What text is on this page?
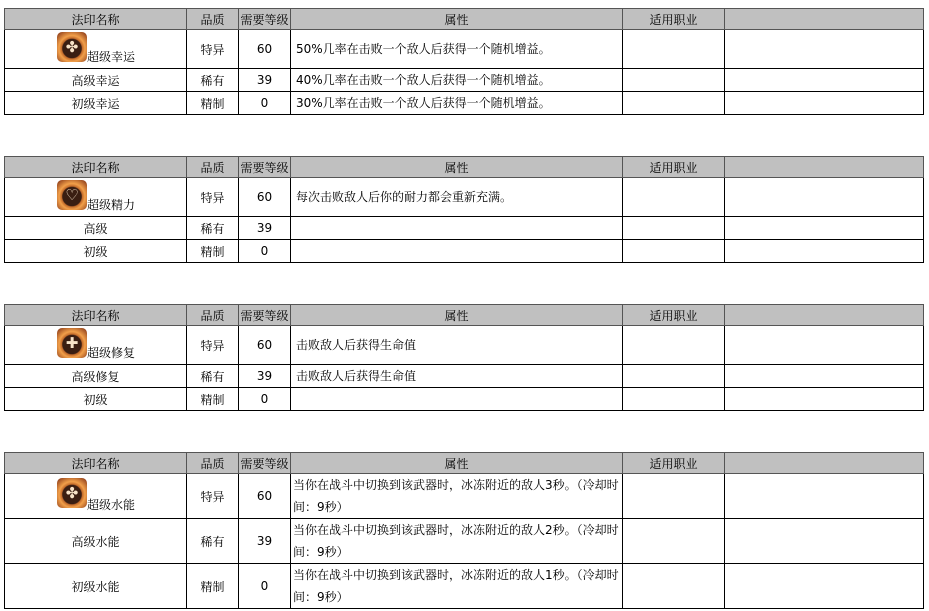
法印名称	品质	需要等级	属性	适用职业	

✤
超级幸运	特异	60	50%几率在击败一个敌人后获得一个随机增益。		
高级幸运	稀有	39	40%几率在击败一个敌人后获得一个随机增益。		
初级幸运	精制	0	30%几率在击败一个敌人后获得一个随机增益。		
法印名称	品质	需要等级	属性	适用职业	

♡
超级精力	特异	60	每次击败敌人后你的耐力都会重新充满。		
高级	稀有	39			
初级	精制	0			
法印名称	品质	需要等级	属性	适用职业	

✚
超级修复	特异	60	击败敌人后获得生命值		
高级修复	稀有	39	击败敌人后获得生命值		
初级	精制	0			
法印名称	品质	需要等级	属性	适用职业	

✤
超级水能	特异	60	当你在战斗中切换到该武器时，冰冻附近的敌人3秒。（冷却时间：9秒）		
高级水能	稀有	39	当你在战斗中切换到该武器时，冰冻附近的敌人2秒。（冷却时间：9秒）		
初级水能	精制	0	当你在战斗中切换到该武器时，冰冻附近的敌人1秒。（冷却时间：9秒）		
